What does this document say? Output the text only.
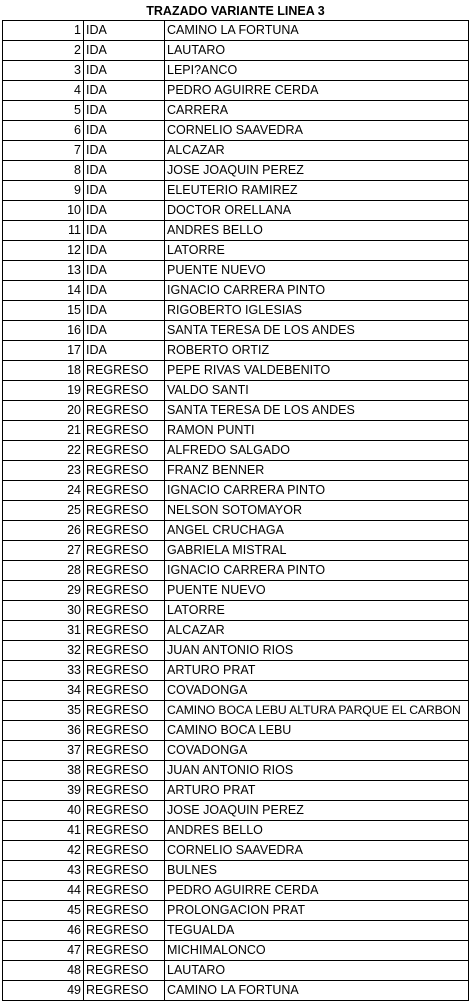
TRAZADO VARIANTE LINEA 3
1	IDA	CAMINO LA FORTUNA
2	IDA	LAUTARO
3	IDA	LEPI?ANCO
4	IDA	PEDRO AGUIRRE CERDA
5	IDA	CARRERA
6	IDA	CORNELIO SAAVEDRA
7	IDA	ALCAZAR
8	IDA	JOSE JOAQUIN PEREZ
9	IDA	ELEUTERIO RAMIREZ
10	IDA	DOCTOR ORELLANA
11	IDA	ANDRES BELLO
12	IDA	LATORRE
13	IDA	PUENTE NUEVO
14	IDA	IGNACIO CARRERA PINTO
15	IDA	RIGOBERTO IGLESIAS
16	IDA	SANTA TERESA DE LOS ANDES
17	IDA	ROBERTO ORTIZ
18	REGRESO	PEPE RIVAS VALDEBENITO
19	REGRESO	VALDO SANTI
20	REGRESO	SANTA TERESA DE LOS ANDES
21	REGRESO	RAMON PUNTI
22	REGRESO	ALFREDO SALGADO
23	REGRESO	FRANZ BENNER
24	REGRESO	IGNACIO CARRERA PINTO
25	REGRESO	NELSON SOTOMAYOR
26	REGRESO	ANGEL CRUCHAGA
27	REGRESO	GABRIELA MISTRAL
28	REGRESO	IGNACIO CARRERA PINTO
29	REGRESO	PUENTE NUEVO
30	REGRESO	LATORRE
31	REGRESO	ALCAZAR
32	REGRESO	JUAN ANTONIO RIOS
33	REGRESO	ARTURO PRAT
34	REGRESO	COVADONGA
35	REGRESO	CAMINO BOCA LEBU ALTURA PARQUE EL CARBON
36	REGRESO	CAMINO BOCA LEBU
37	REGRESO	COVADONGA
38	REGRESO	JUAN ANTONIO RIOS
39	REGRESO	ARTURO PRAT
40	REGRESO	JOSE JOAQUIN PEREZ
41	REGRESO	ANDRES BELLO
42	REGRESO	CORNELIO SAAVEDRA
43	REGRESO	BULNES
44	REGRESO	PEDRO AGUIRRE CERDA
45	REGRESO	PROLONGACION PRAT
46	REGRESO	TEGUALDA
47	REGRESO	MICHIMALONCO
48	REGRESO	LAUTARO
49	REGRESO	CAMINO LA FORTUNA
